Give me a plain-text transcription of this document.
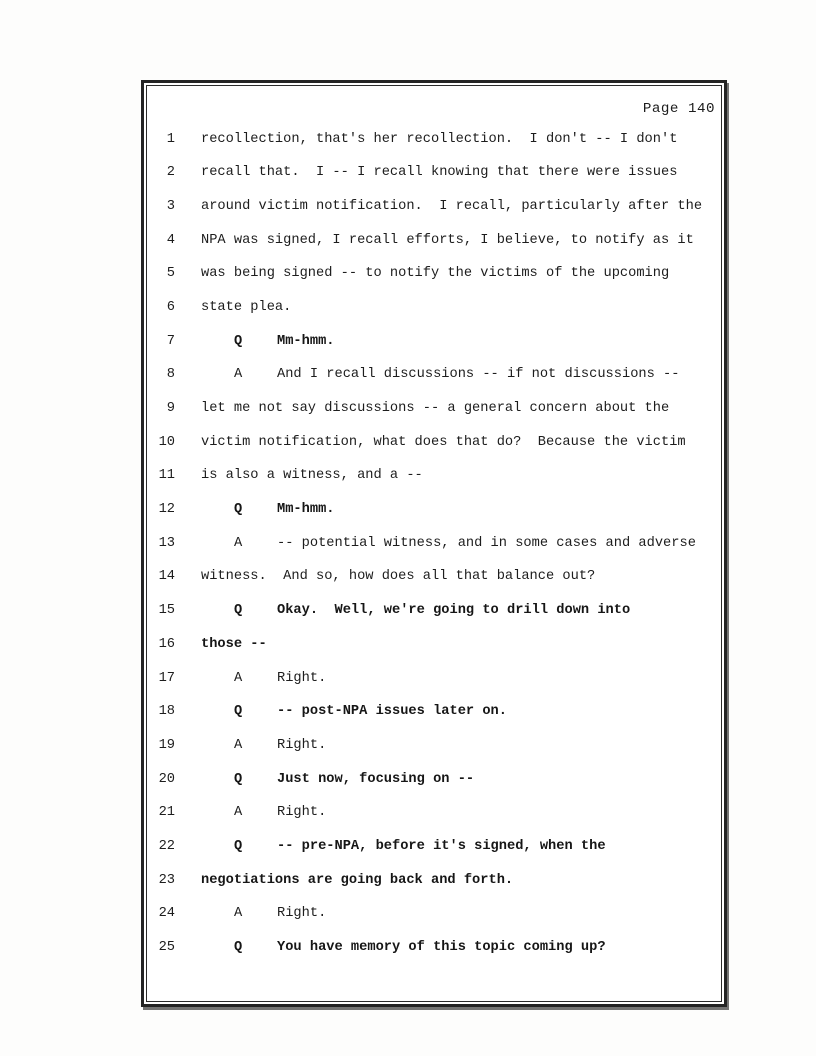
Page 140
1 recollection, that's her recollection.  I don't -- I don't
2 recall that.  I -- I recall knowing that there were issues
3 around victim notification.  I recall, particularly after the
4 NPA was signed, I recall efforts, I believe, to notify as it
5 was being signed -- to notify the victims of the upcoming
6 state plea.
7	Q	Mm-hmm.
8	A	And I recall discussions -- if not discussions --
9 let me not say discussions -- a general concern about the
10 victim notification, what does that do?  Because the victim
11 is also a witness, and a --
12	Q	Mm-hmm.
13	A	-- potential witness, and in some cases and adverse
14 witness.  And so, how does all that balance out?
15	Q	Okay.  Well, we're going to drill down into
16 those --
17	A	Right.
18	Q	-- post-NPA issues later on.
19	A	Right.
20	Q	Just now, focusing on --
21	A	Right.
22	Q	-- pre-NPA, before it's signed, when the
23 negotiations are going back and forth.
24	A	Right.
25	Q	You have memory of this topic coming up?
